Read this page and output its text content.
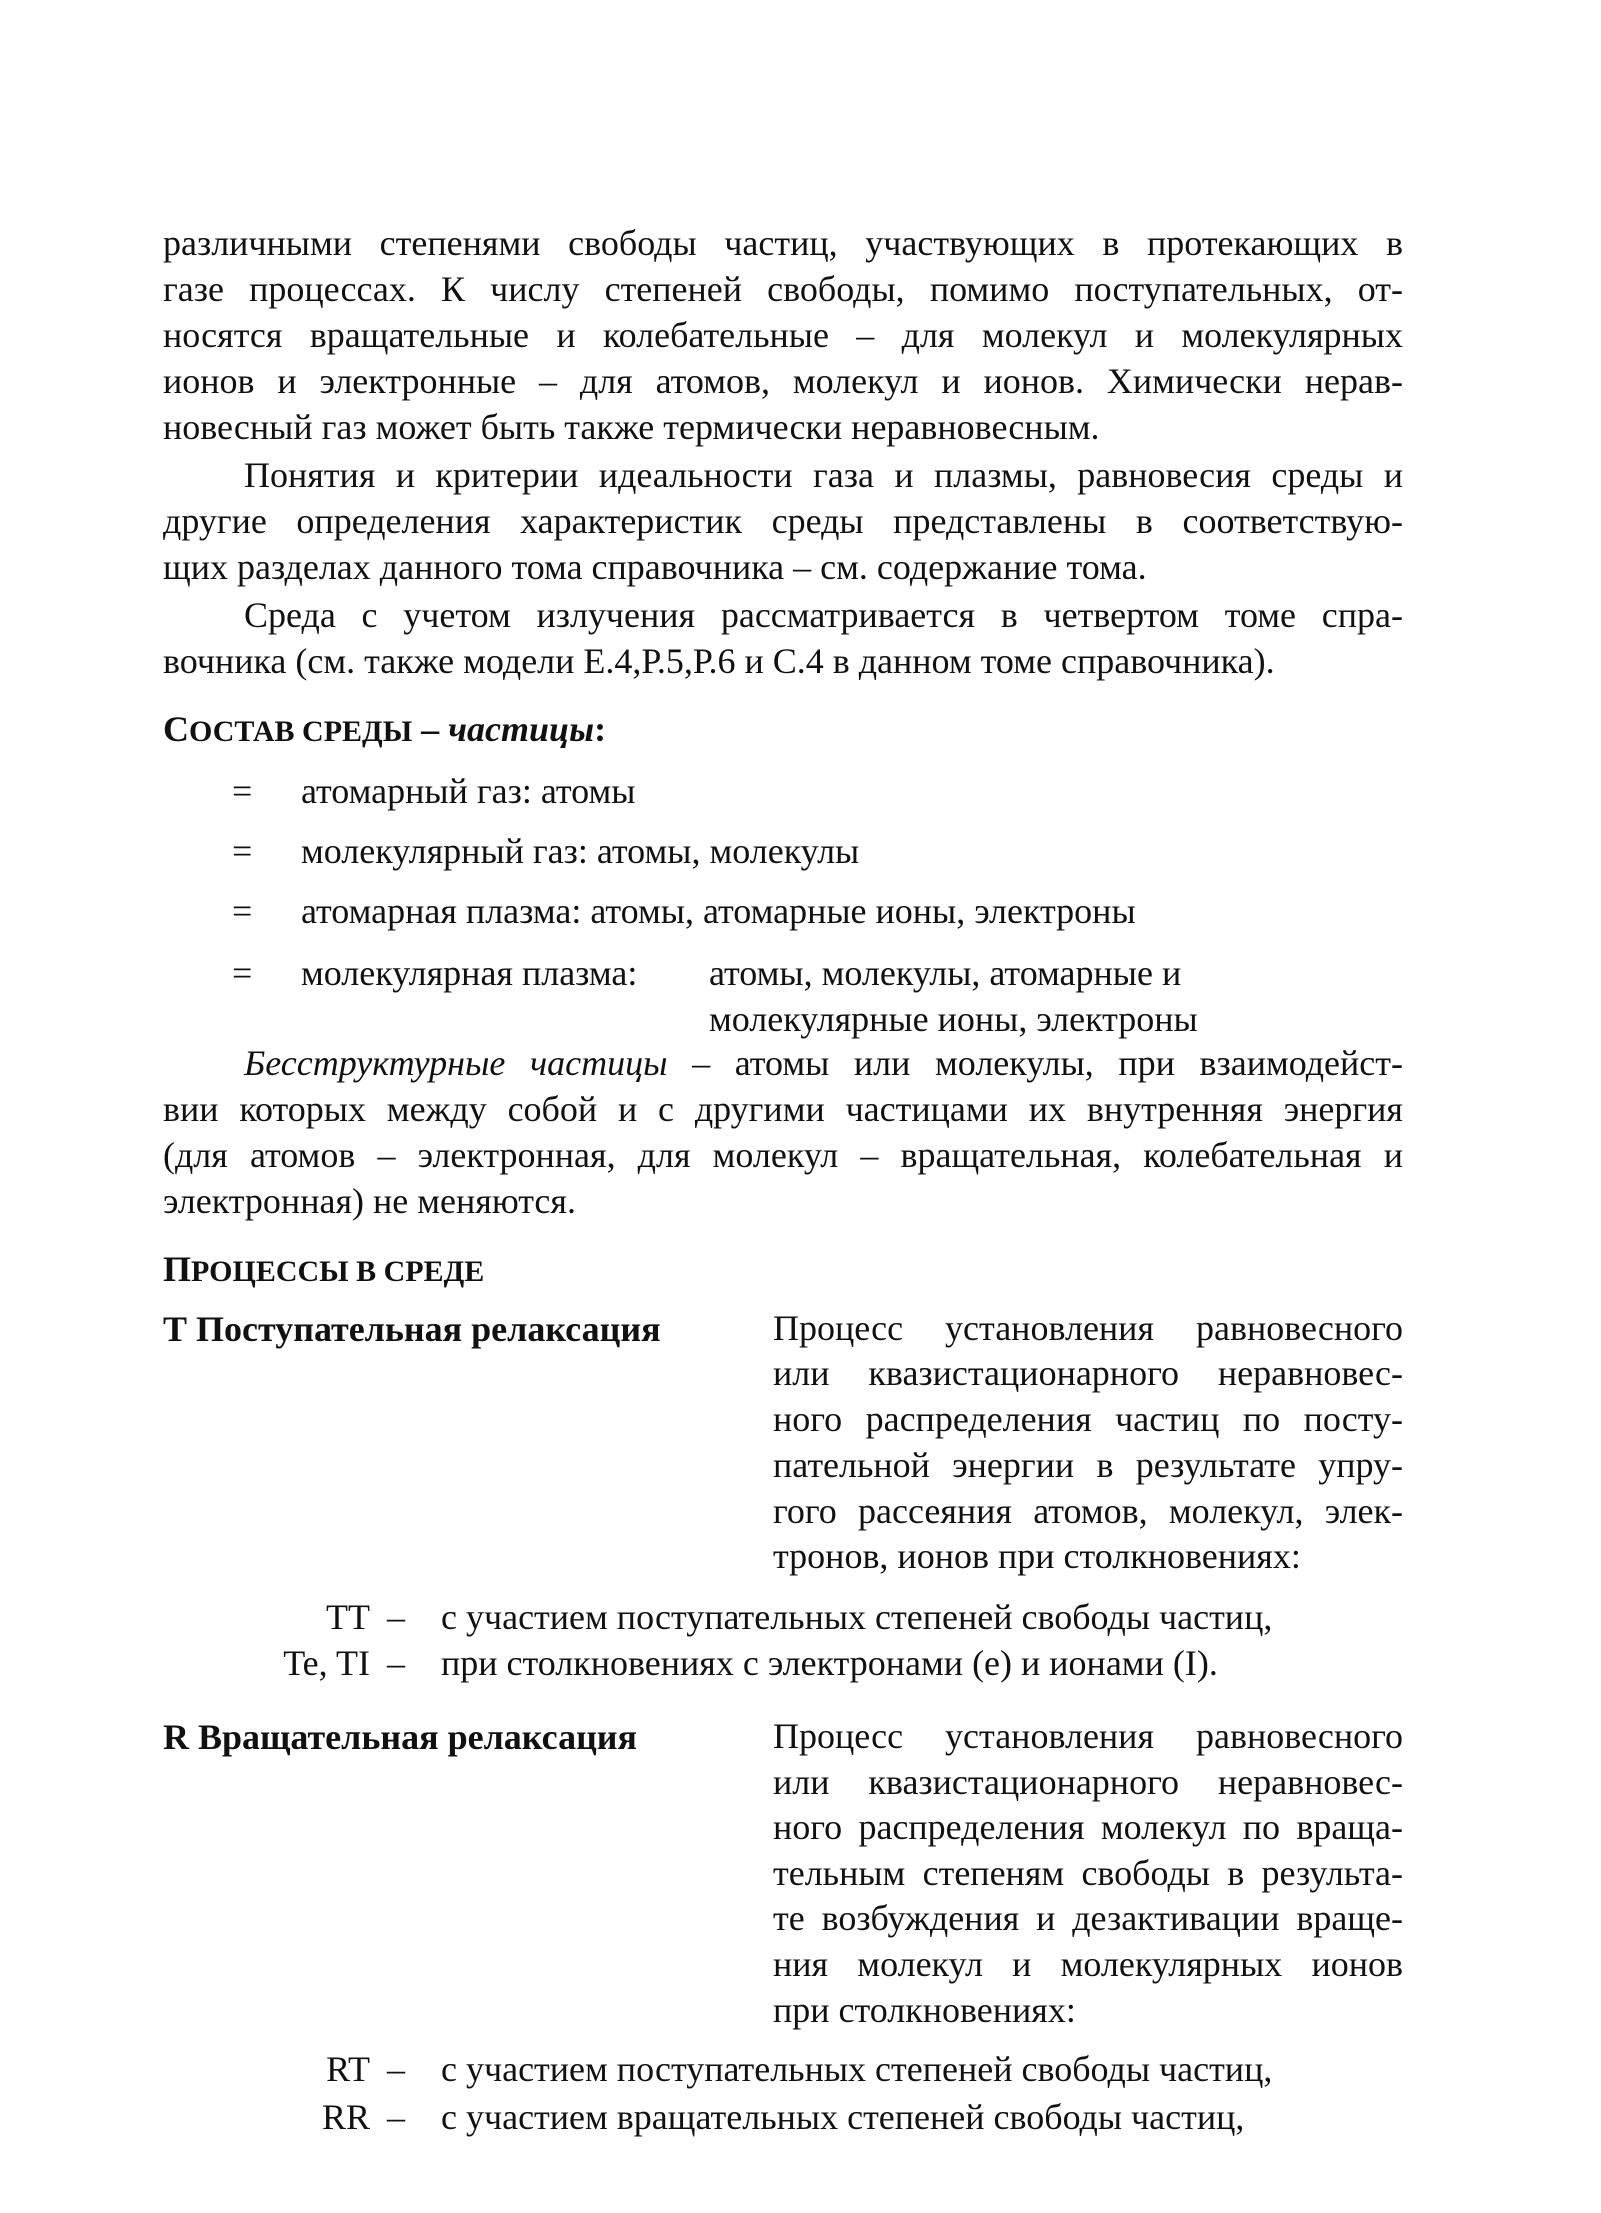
различными степенями свободы частиц, участвующих в протекающих в
газе процессах. К числу степеней свободы, помимо поступательных, от-
носятся вращательные и колебательные – для молекул и молекулярных
ионов и электронные – для атомов, молекул и ионов. Химически нерав-
новесный газ может быть также термически неравновесным.
Понятия и критерии идеальности газа и плазмы, равновесия среды и
другие определения характеристик среды представлены в соответствую-
щих разделах данного тома справочника – см. содержание тома.
Среда с учетом излучения рассматривается в четвертом томе спра-
вочника (см. также модели Е.4,Р.5,Р.6 и С.4 в данном томе справочника).
СОСТАВ СРЕДЫ – частицы:
= атомарный газ: атомы
= молекулярный газ: атомы, молекулы
= атомарная плазма: атомы, атомарные ионы, электроны
= молекулярная плазма: атомы, молекулы, атомарные и
молекулярные ионы, электроны
Бесструктурные частицы – атомы или молекулы, при взаимодейст-
вии которых между собой и с другими частицами их внутренняя энергия
(для атомов – электронная, для молекул – вращательная, колебательная и
электронная) не меняются.
ПРОЦЕССЫ В СРЕДЕ
Т Поступательная релаксация	Процесс установления равновесного
или квазистационарного неравновес-
ного распределения частиц по посту-
пательной энергии в результате упру-
гого рассеяния атомов, молекул, элек-
тронов, ионов при столкновениях:
TT – с участием поступательных степеней свободы частиц,
Te, TI – при столкновениях с электронами (e) и ионами (I).
R Вращательная релаксация	Процесс установления равновесного
или квазистационарного неравновес-
ного распределения молекул по враща-
тельным степеням свободы в результа-
те возбуждения и дезактивации враще-
ния молекул и молекулярных ионов
при столкновениях:
RT – с участием поступательных степеней свободы частиц,
RR – с участием вращательных степеней свободы частиц,
